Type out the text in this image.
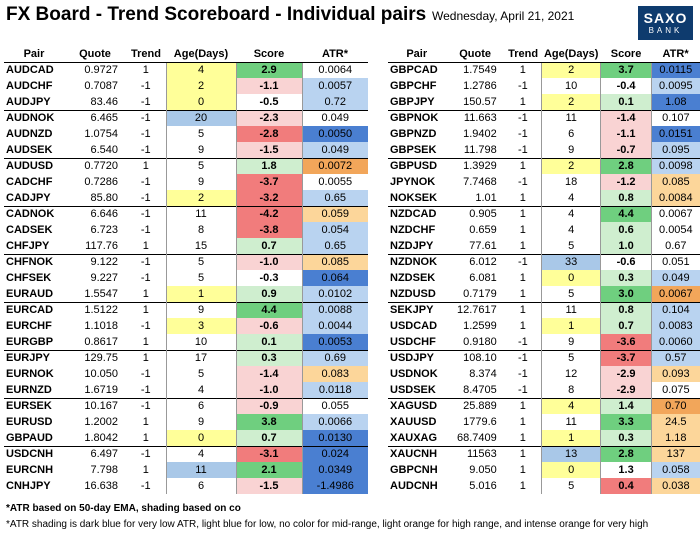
FX Board - Trend Scoreboard - Individual pairs Wednesday, April 21, 2021	SAXO
BANK
Pair	Quote	Trend	Age(Days)	Score	ATR*
AUDCAD	0.9727	1	4	2.9	0.0064
AUDCHF	0.7087	-1	2	-1.1	0.0057
AUDJPY	83.46	-1	0	-0.5	0.72
AUDNOK	6.465	-1	20	-2.3	0.049
AUDNZD	1.0754	-1	5	-2.8	0.0050
AUDSEK	6.540	-1	9	-1.5	0.049
AUDUSD	0.7720	1	5	1.8	0.0072
CADCHF	0.7286	-1	9	-3.7	0.0055
CADJPY	85.80	-1	2	-3.2	0.65
CADNOK	6.646	-1	11	-4.2	0.059
CADSEK	6.723	-1	8	-3.8	0.054
CHFJPY	117.76	1	15	0.7	0.65
CHFNOK	9.122	-1	5	-1.0	0.085
CHFSEK	9.227	-1	5	-0.3	0.064
EURAUD	1.5547	1	1	0.9	0.0102
EURCAD	1.5122	1	9	4.4	0.0088
EURCHF	1.1018	-1	3	-0.6	0.0044
EURGBP	0.8617	1	10	0.1	0.0053
EURJPY	129.75	1	17	0.3	0.69
EURNOK	10.050	-1	5	-1.4	0.083
EURNZD	1.6719	-1	4	-1.0	0.0118
EURSEK	10.167	-1	6	-0.9	0.055
EURUSD	1.2002	1	9	3.8	0.0066
GBPAUD	1.8042	1	0	0.7	0.0130
USDCNH	6.497	-1	4	-3.1	0.024
EURCNH	7.798	1	11	2.1	0.0349
CNHJPY	16.638	-1	6	-1.5	-1.4986
Pair	Quote	Trend	Age(Days)	Score	ATR*
GBPCAD	1.7549	1	2	3.7	0.0115
GBPCHF	1.2786	-1	10	-0.4	0.0095
GBPJPY	150.57	1	2	0.1	1.08
GBPNOK	11.663	-1	11	-1.4	0.107
GBPNZD	1.9402	-1	6	-1.1	0.0151
GBPSEK	11.798	-1	9	-0.7	0.095
GBPUSD	1.3929	1	2	2.8	0.0098
JPYNOK	7.7468	-1	18	-1.2	0.085
NOKSEK	1.01	1	4	0.8	0.0084
NZDCAD	0.905	1	4	4.4	0.0067
NZDCHF	0.659	1	4	0.6	0.0054
NZDJPY	77.61	1	5	1.0	0.67
NZDNOK	6.012	-1	33	-0.6	0.051
NZDSEK	6.081	1	0	0.3	0.049
NZDUSD	0.7179	1	5	3.0	0.0067
SEKJPY	12.7617	1	11	0.8	0.104
USDCAD	1.2599	1	1	0.7	0.0083
USDCHF	0.9180	-1	9	-3.6	0.0060
USDJPY	108.10	-1	5	-3.7	0.57
USDNOK	8.374	-1	12	-2.9	0.093
USDSEK	8.4705	-1	8	-2.9	0.075
XAGUSD	25.889	1	4	1.4	0.70
XAUUSD	1779.6	1	11	3.3	24.5
XAUXAG	68.7409	1	1	0.3	1.18
XAUCNH	11563	1	13	2.8	137
GBPCNH	9.050	1	0	1.3	0.058
AUDCNH	5.016	1	5	0.4	0.038
*ATR based on 50-day EMA, shading based on co
*ATR shading is dark blue for very low ATR, light blue for low, no color for mid-range, light orange for high range, and intense orange for very high
